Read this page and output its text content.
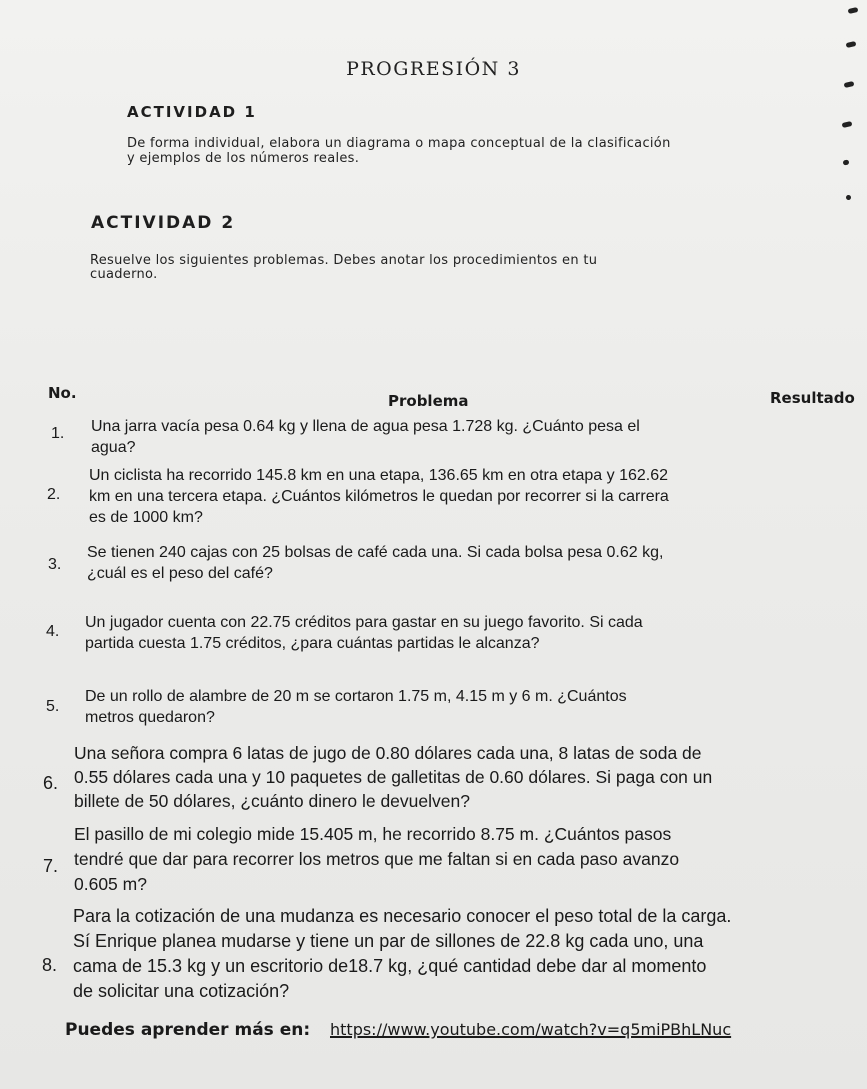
PROGRESIÓN 3
ACTIVIDAD 1
De forma individual, elabora un diagrama o mapa conceptual de la clasificación
y ejemplos de los números reales.
ACTIVIDAD 2
Resuelve los siguientes problemas. Debes anotar los procedimientos en tu
cuaderno.
No.	Problema	Resultado
1. Una jarra vacía pesa 0.64 kg y llena de agua pesa 1.728 kg. ¿Cuánto pesa el
agua?
2.
Un ciclista ha recorrido 145.8 km en una etapa, 136.65 km en otra etapa y 162.62
km en una tercera etapa. ¿Cuántos kilómetros le quedan por recorrer si la carrera
es de 1000 km?
3.
Se tienen 240 cajas con 25 bolsas de café cada una. Si cada bolsa pesa 0.62 kg,
¿cuál es el peso del café?
4.
Un jugador cuenta con 22.75 créditos para gastar en su juego favorito. Si cada
partida cuesta 1.75 créditos, ¿para cuántas partidas le alcanza?
5.
De un rollo de alambre de 20 m se cortaron 1.75 m, 4.15 m y 6 m. ¿Cuántos
metros quedaron?
6.
Una señora compra 6 latas de jugo de 0.80 dólares cada una, 8 latas de soda de
0.55 dólares cada una y 10 paquetes de galletitas de 0.60 dólares. Si paga con un
billete de 50 dólares, ¿cuánto dinero le devuelven?
7.
El pasillo de mi colegio mide 15.405 m, he recorrido 8.75 m. ¿Cuántos pasos
tendré que dar para recorrer los metros que me faltan si en cada paso avanzo
0.605 m?
8.
Para la cotización de una mudanza es necesario conocer el peso total de la carga.
Sí Enrique planea mudarse y tiene un par de sillones de 22.8 kg cada uno, una
cama de 15.3 kg y un escritorio de18.7 kg, ¿qué cantidad debe dar al momento
de solicitar una cotización?
Puedes aprender más en: https://www.youtube.com/watch?v=q5miPBhLNuc
